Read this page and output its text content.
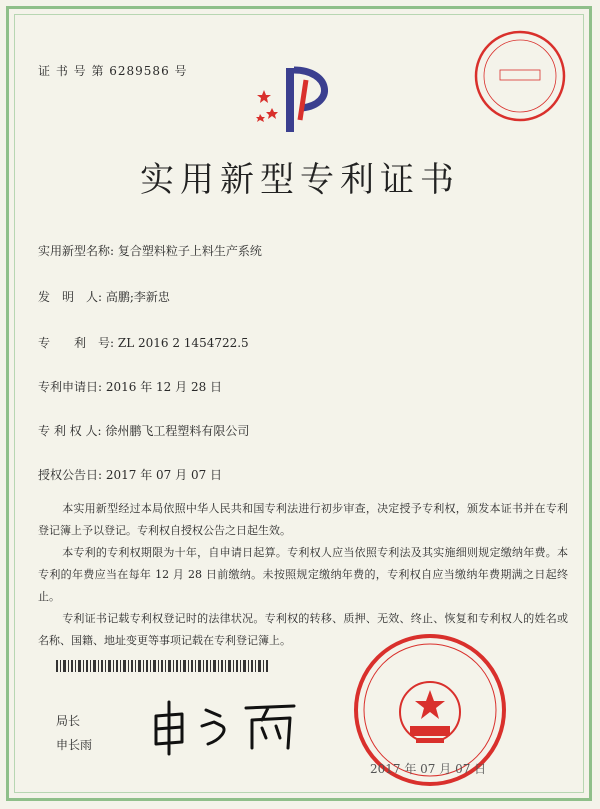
证 书 号 第 6289586 号
实用新型专利证书
实用新型名称: 复合塑料粒子上料生产系统
发　明　人: 高鹏;李新忠
专　　利　号: ZL 2016 2 1454722.5
专利申请日: 2016 年 12 月 28 日
专 利 权 人: 徐州鹏飞工程塑料有限公司
授权公告日: 2017 年 07 月 07 日

本实用新型经过本局依照中华人民共和国专利法进行初步审查，决定授予专利权，颁发本证书并在专利登记簿上予以登记。专利权自授权公告之日起生效。

本专利的专利权期限为十年，自申请日起算。专利权人应当依照专利法及其实施细则规定缴纳年费。本专利的年费应当在每年 12 月 28 日前缴纳。未按照规定缴纳年费的，专利权自应当缴纳年费期满之日起终止。

专利证书记载专利权登记时的法律状况。专利权的转移、质押、无效、终止、恢复和专利权人的姓名或名称、国籍、地址变更等事项记载在专利登记簿上。

局长
申长雨
2017 年 07 月 07 日
